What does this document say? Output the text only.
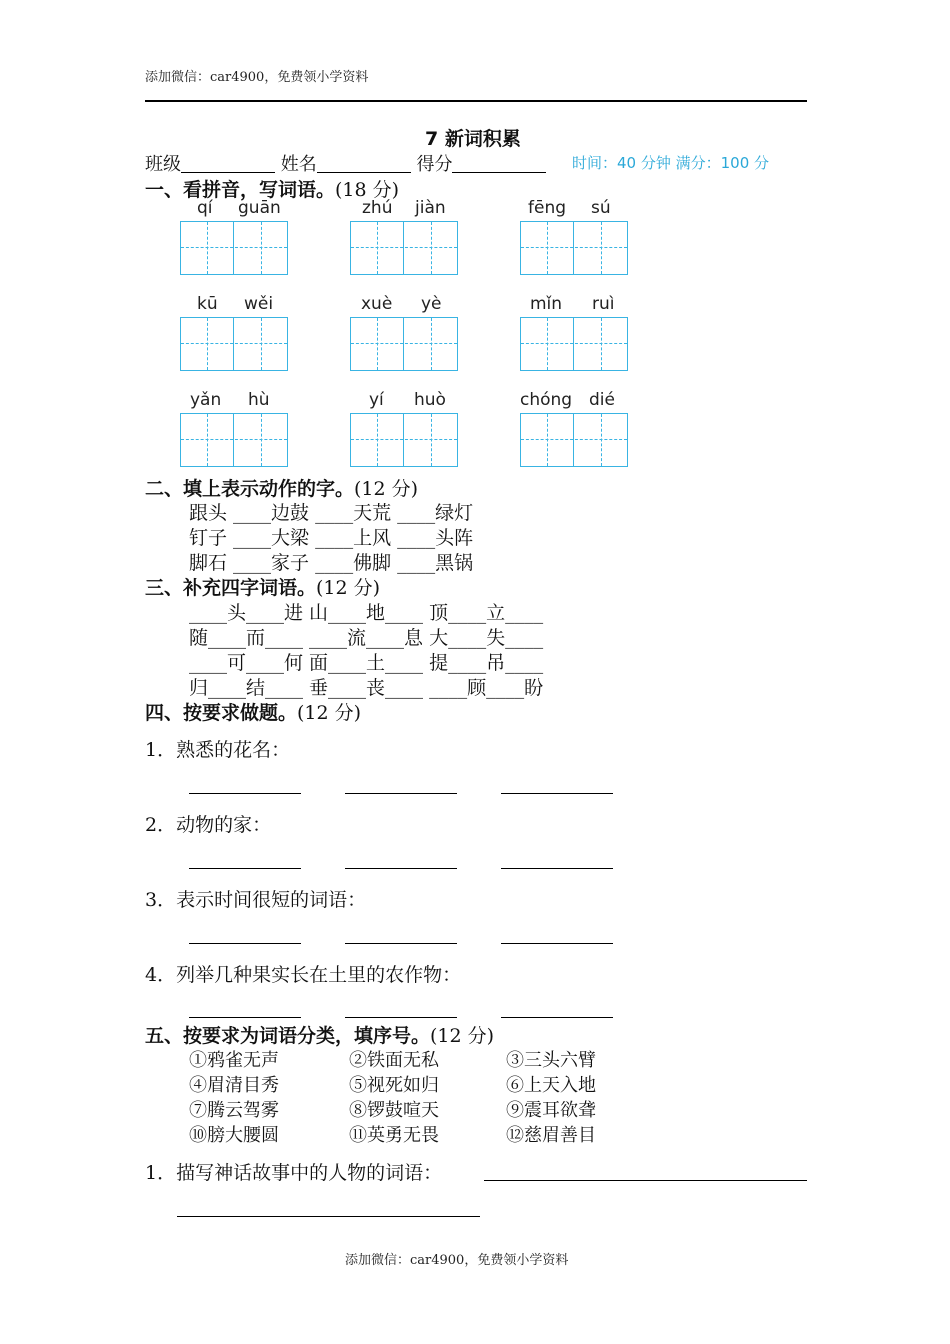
添加微信：car4900，免费领小学资料
7 新词积累
班级	姓名	得分	时间：40 分钟 满分：100 分
一、看拼音，写词语。(18 分)
qí guān	zhú jiàn	fēng sú
kū wěi	xuè yè	mǐn ruì
yǎn hù	yí huò	chóng dié
二、填上表示动作的字。(12 分)
跟头 ____边鼓 ____天荒 ____绿灯
钉子 ____大梁 ____上风 ____头阵
脚石 ____家子 ____佛脚 ____黑锅
三、补充四字词语。(12 分)
____头____进 山____地____ 顶____立____
随____而____ ____流____息 大____失____
____可____何 面____土____ 提____吊____
归____结____ 垂____丧____ ____顾____盼
四、按要求做题。(12 分)
1．熟悉的花名：
2．动物的家：
3．表示时间很短的词语：
4．列举几种果实长在土里的农作物：
五、按要求为词语分类，填序号。(12 分)
①鸦雀无声	②铁面无私	③三头六臂
④眉清目秀	⑤视死如归	⑥上天入地
⑦腾云驾雾	⑧锣鼓喧天	⑨震耳欲聋
⑩膀大腰圆	⑪英勇无畏	⑫慈眉善目
1．描写神话故事中的人物的词语：
添加微信：car4900，免费领小学资料
